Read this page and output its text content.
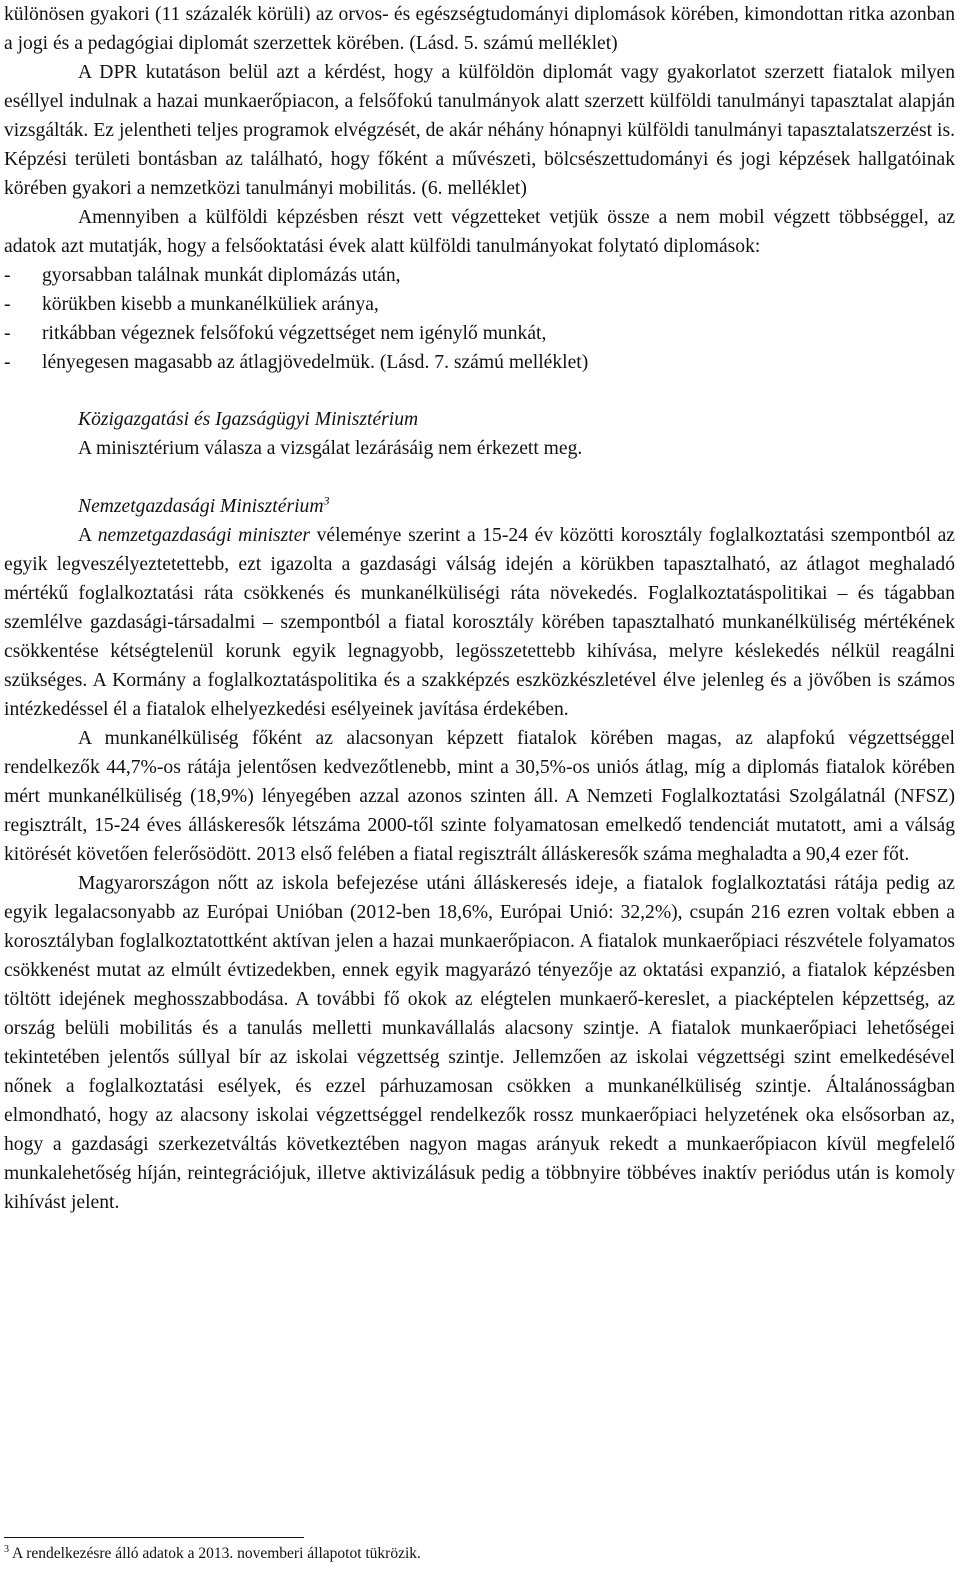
különösen gyakori (11 százalék körüli) az orvos- és egészségtudományi diplomások körében, kimondottan ritka azonban a jogi és a pedagógiai diplomát szerzettek körében. (Lásd. 5. számú melléklet)

A DPR kutatáson belül azt a kérdést, hogy a külföldön diplomát vagy gyakorlatot szerzett fiatalok milyen eséllyel indulnak a hazai munkaerőpiacon, a felsőfokú tanulmányok alatt szerzett külföldi tanulmányi tapasztalat alapján vizsgálták. Ez jelentheti teljes programok elvégzését, de akár néhány hónapnyi külföldi tanulmányi tapasztalatszerzést is. Képzési területi bontásban az található, hogy főként a művészeti, bölcsészettudományi és jogi képzések hallgatóinak körében gyakori a nemzetközi tanulmányi mobilitás. (6. melléklet)

Amennyiben a külföldi képzésben részt vett végzetteket vetjük össze a nem mobil végzett többséggel, az adatok azt mutatják, hogy a felsőoktatási évek alatt külföldi tanulmányokat folytató diplomások:

- gyorsabban találnak munkát diplomázás után,
- körükben kisebb a munkanélküliek aránya,
- ritkábban végeznek felsőfokú végzettséget nem igénylő munkát,
- lényegesen magasabb az átlagjövedelmük. (Lásd. 7. számú melléklet)

Közigazgatási és Igazságügyi Minisztérium

A minisztérium válasza a vizsgálat lezárásáig nem érkezett meg.

Nemzetgazdasági Minisztérium$^3$

A nemzetgazdasági miniszter véleménye szerint a 15-24 év közötti korosztály foglalkoztatási szempontból az egyik legveszélyeztetettebb, ezt igazolta a gazdasági válság idején a körükben tapasztalható, az átlagot meghaladó mértékű foglalkoztatási ráta csökkenés és munkanélküliségi ráta növekedés. Foglalkoztatáspolitikai – és tágabban szemlélve gazdasági-társadalmi – szempontból a fiatal korosztály körében tapasztalható munkanélküliség mértékének csökkentése kétségtelenül korunk egyik legnagyobb, legösszetettebb kihívása, melyre késlekedés nélkül reagálni szükséges. A Kormány a foglalkoztatáspolitika és a szakképzés eszközkészletével élve jelenleg és a jövőben is számos intézkedéssel él a fiatalok elhelyezkedési esélyeinek javítása érdekében.

A munkanélküliség főként az alacsonyan képzett fiatalok körében magas, az alapfokú végzettséggel rendelkezők 44,7%-os rátája jelentősen kedvezőtlenebb, mint a 30,5%-os uniós átlag, míg a diplomás fiatalok körében mért munkanélküliség (18,9%) lényegében azzal azonos szinten áll. A Nemzeti Foglalkoztatási Szolgálatnál (NFSZ) regisztrált, 15-24 éves álláskeresők létszáma 2000-től szinte folyamatosan emelkedő tendenciát mutatott, ami a válság kitörését követően felerősödött. 2013 első felében a fiatal regisztrált álláskeresők száma meghaladta a 90,4 ezer főt.

Magyarországon nőtt az iskola befejezése utáni álláskeresés ideje, a fiatalok foglalkoztatási rátája pedig az egyik legalacsonyabb az Európai Unióban (2012-ben 18,6%, Európai Unió: 32,2%), csupán 216 ezren voltak ebben a korosztályban foglalkoztatottként aktívan jelen a hazai munkaerőpiacon. A fiatalok munkaerőpiaci részvétele folyamatos csökkenést mutat az elmúlt évtizedekben, ennek egyik magyarázó tényezője az oktatási expanzió, a fiatalok képzésben töltött idejének meghosszabbodása. A további fő okok az elégtelen munkaerő-kereslet, a piacképtelen képzettség, az ország belüli mobilitás és a tanulás melletti munkavállalás alacsony szintje. A fiatalok munkaerőpiaci lehetőségei tekintetében jelentős súllyal bír az iskolai végzettség szintje. Jellemzően az iskolai végzettségi szint emelkedésével nőnek a foglalkoztatási esélyek, és ezzel párhuzamosan csökken a munkanélküliség szintje. Általánosságban elmondható, hogy az alacsony iskolai végzettséggel rendelkezők rossz munkaerőpiaci helyzetének oka elsősorban az, hogy a gazdasági szerkezetváltás következtében nagyon magas arányuk rekedt a munkaerőpiacon kívül megfelelő munkalehetőség híján, reintegrációjuk, illetve aktivizálásuk pedig a többnyire többéves inaktív periódus után is komoly kihívást jelent.

$^3$ A rendelkezésre álló adatok a 2013. novemberi állapotot tükrözik.
